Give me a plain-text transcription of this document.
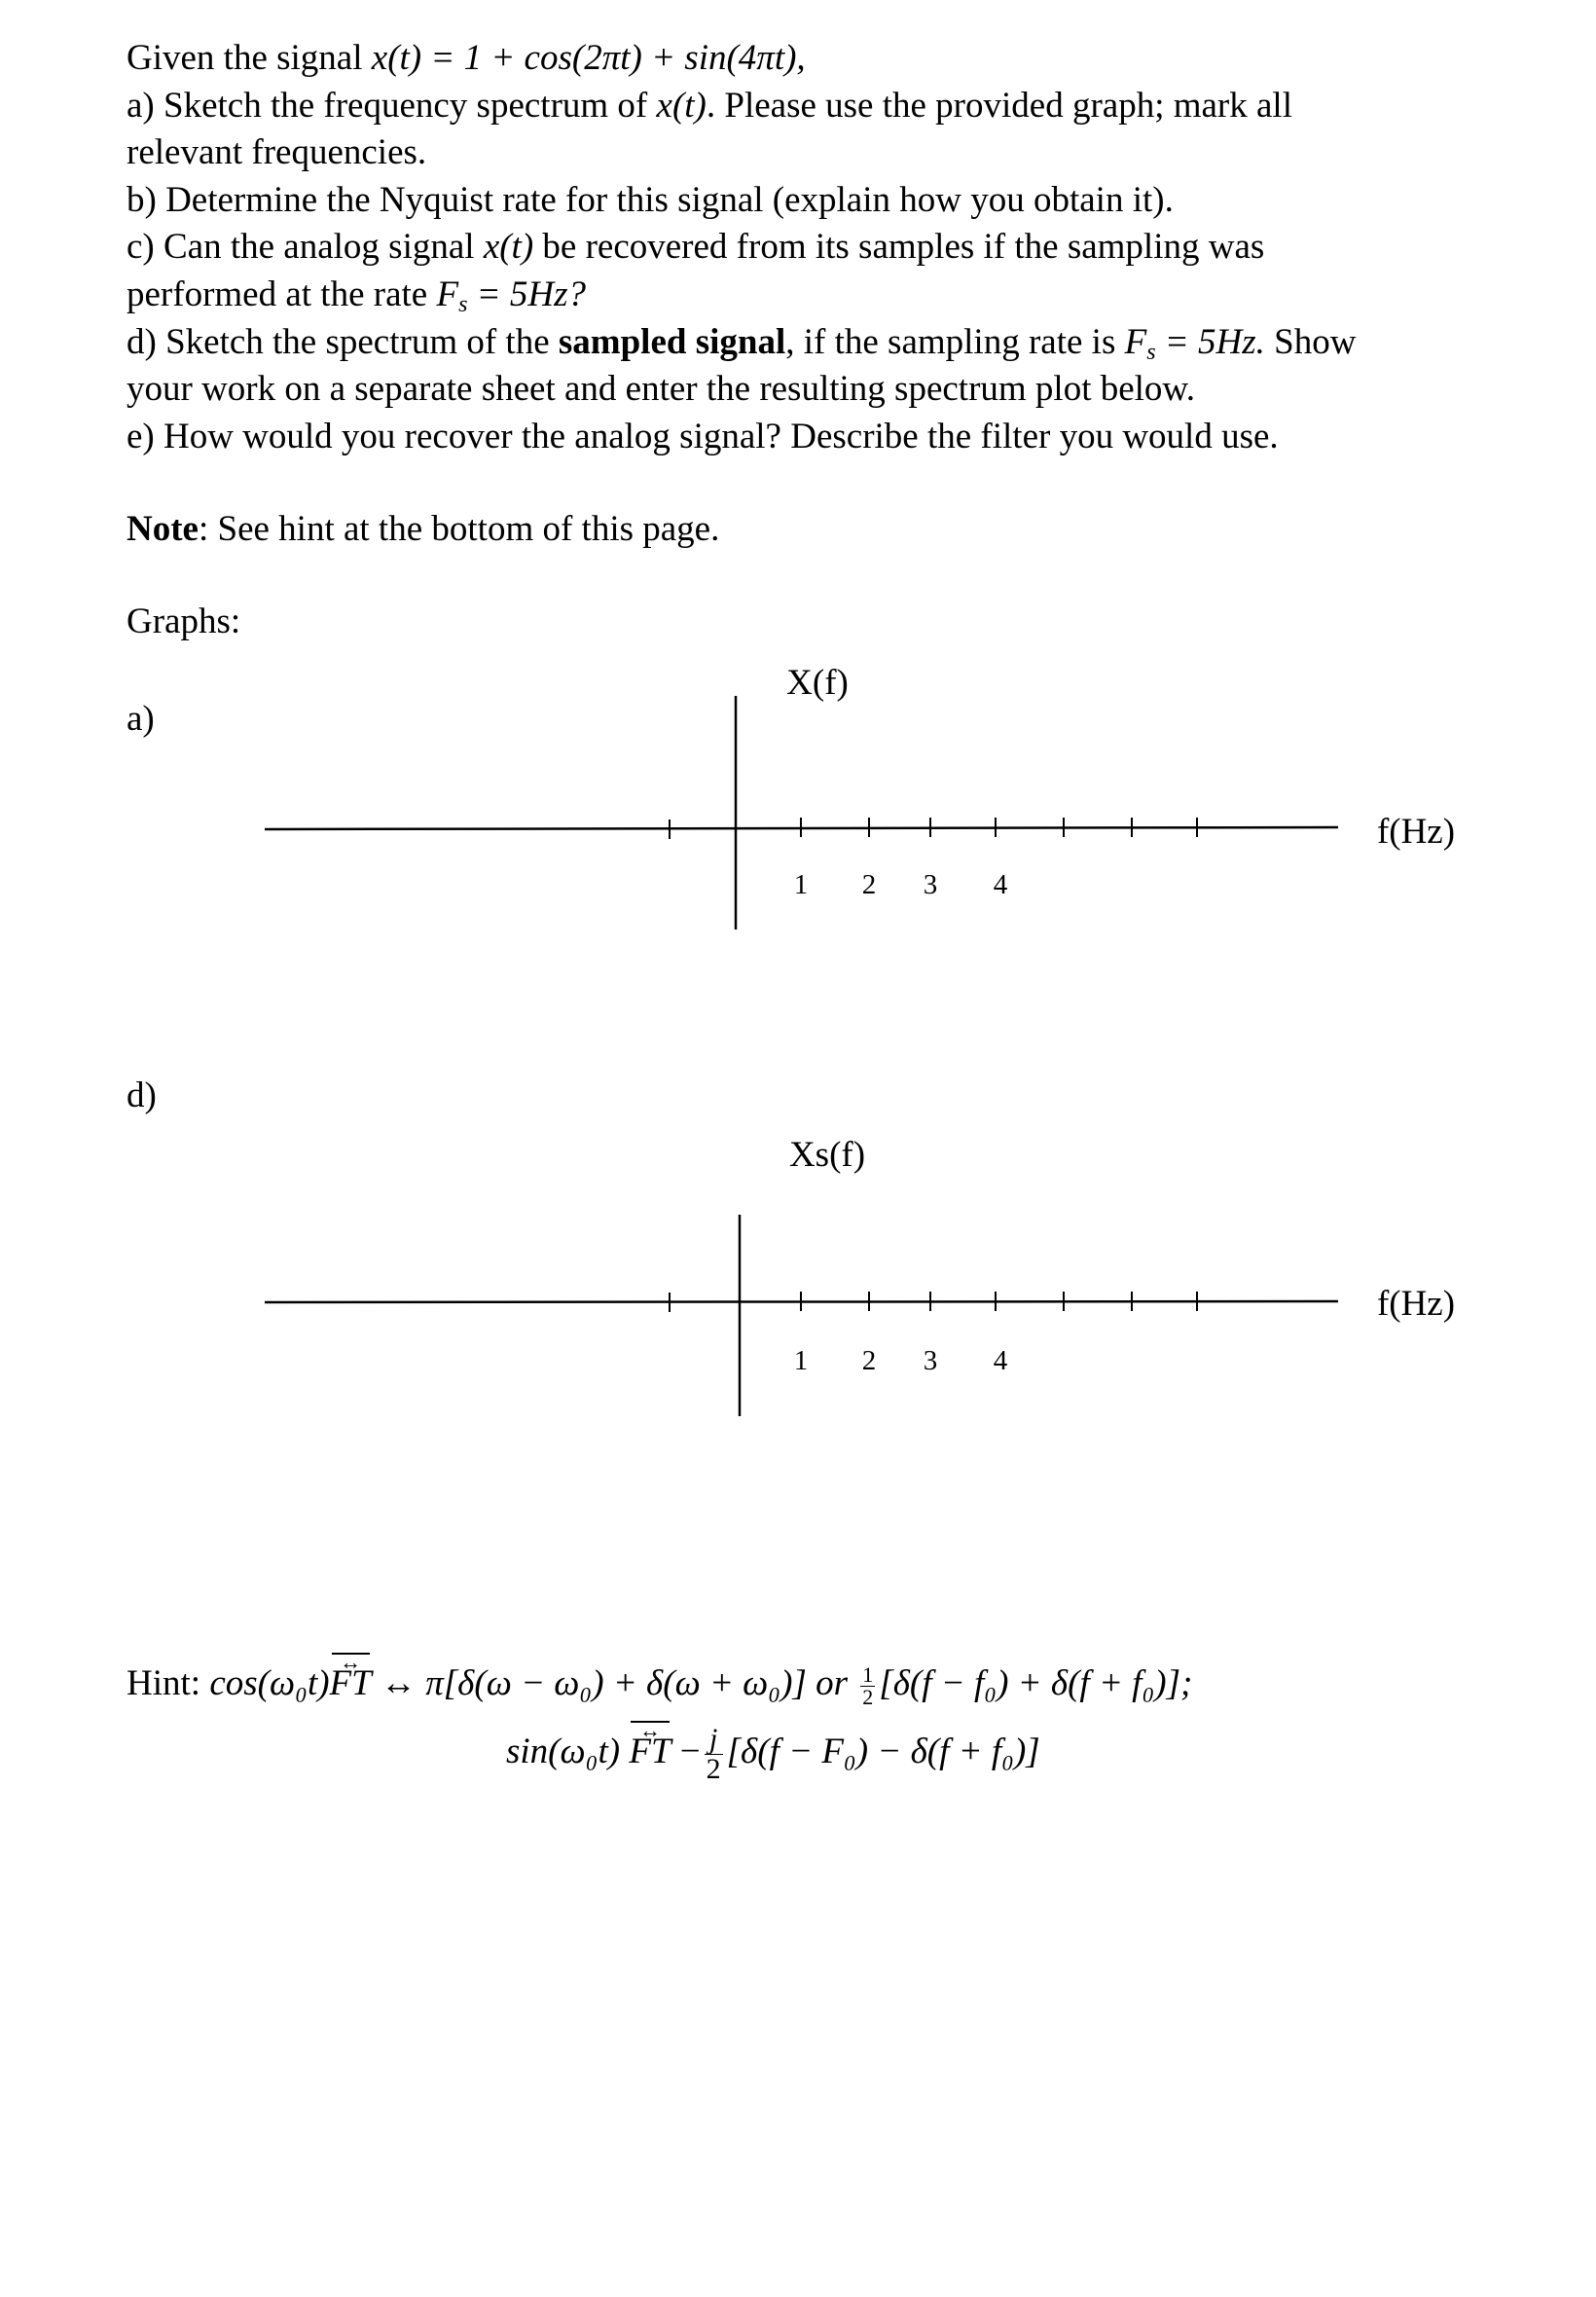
Given the signal x(t) = 1 + cos(2πt) + sin(4πt),
a) Sketch the frequency spectrum of x(t). Please use the provided graph; mark all
relevant frequencies.
b) Determine the Nyquist rate for this signal (explain how you obtain it).
c) Can the analog signal x(t) be recovered from its samples if the sampling was
performed at the rate $F_s = 5Hz$?
d) Sketch the spectrum of the sampled signal, if the sampling rate is $F_s = 5Hz$. Show
your work on a separate sheet and enter the resulting spectrum plot below.
e) How would you recover the analog signal? Describe the filter you would use.
Note: See hint at the bottom of this page.
Graphs:
a)
X(f)
1 2 3 4
f(Hz)
d)
Xs(f)
1 2 3 4
f(Hz)
Hint: cos(ω₀t)FT ↔ ↔ π[δ(ω − ω₀) + δ(ω + ω₀)] or $\frac{1}{2} [\delta(f - f_0) + \delta(f + f_0)]$;
sin(ω₀t) FT ↔ − $\frac{j}{2} [\delta(f - F_0) - \delta(f + f_0)]$
